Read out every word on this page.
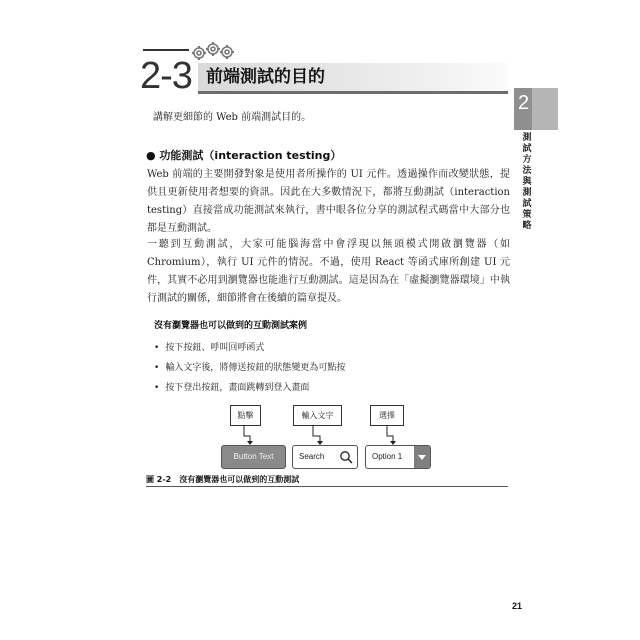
2-3 前端測試的目的
2
測試方法與測試策略
講解更細節的 Web 前端測試目的。
● 功能測試（interaction testing）
Web 前端的主要開發對象是使用者所操作的 UI 元件。透過操作而改變狀態，提供且更新使用者想要的資訊。因此在大多數情況下，都將互動測試（interaction testing）直接當成功能測試來執行，書中眼各位分享的測試程式碼當中大部分也都是互動測試。
一聽到互動測試，大家可能腦海當中會浮現以無頭模式開啟瀏覽器（如 Chromium），執行 UI 元件的情況。不過，使用 React 等函式庫所創建 UI 元件，其實不必用到瀏覽器也能進行互動測試。這是因為在「虛擬瀏覽器環境」中執行測試的關係，細節將會在後續的篇章提及。
沒有瀏覽器也可以做到的互動測試案例
• 按下按鈕、呼叫回呼函式
• 輸入文字後，將傳送按鈕的狀態變更為可點按
• 按下登出按鈕，畫面跳轉到登入畫面
點擊	輸入文字	選擇
Button Text	Search	Option 1
圖 2-2　沒有瀏覽器也可以做到的互動測試
21
